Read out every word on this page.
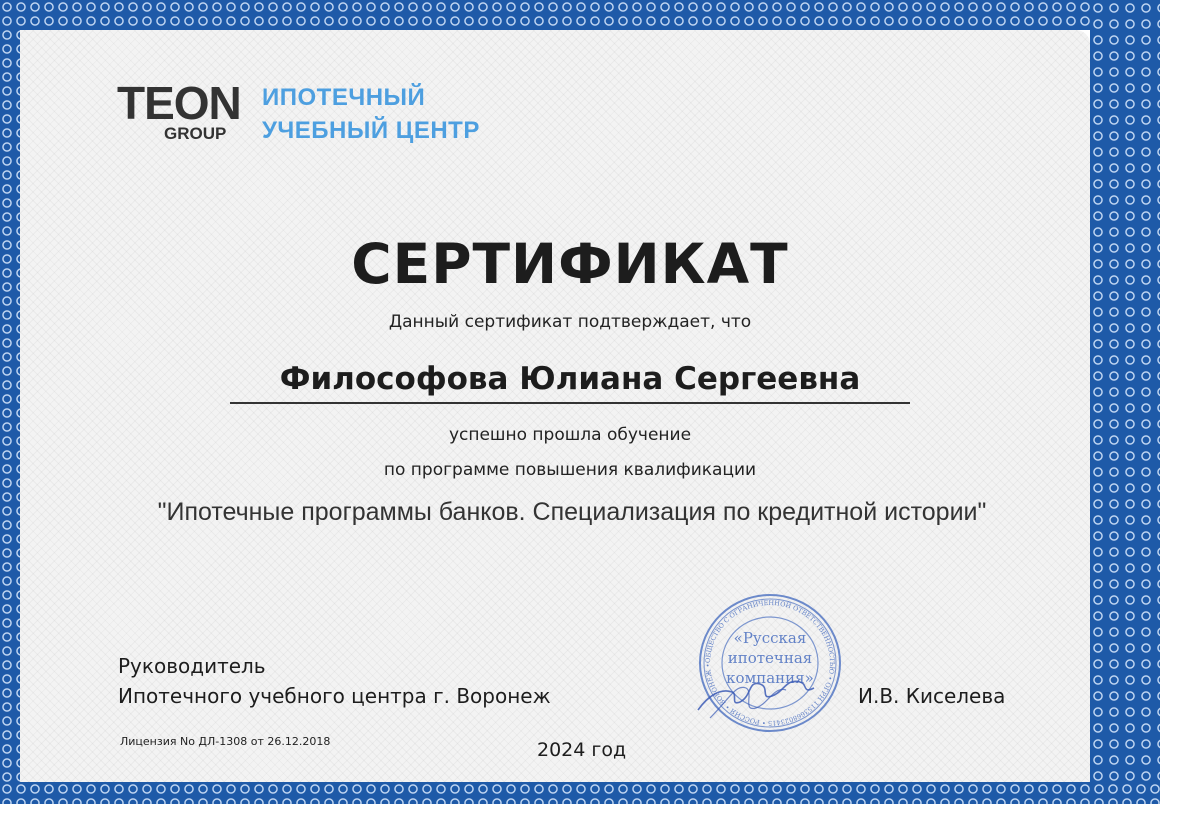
TEON
GROUP
ИПОТЕЧНЫЙ
УЧЕБНЫЙ ЦЕНТР
СЕРТИФИКАТ
Данный сертификат подтверждает, что
Философова Юлиана Сергеевна
успешно прошла обучение
по программе повышения квалификации
"Ипотечные программы банков. Специализация по кредитной истории"
Руководитель
Ипотечного учебного центра г. Воронеж
Лицензия No ДЛ-1308 от 26.12.2018	2024 год
И.В. Киселева
ОБЩЕСТВО С ОГРАНИЧЕННОЙ ОТВЕТСТВЕННОСТЬЮ • ОГРН 1153668023415 • РОССИЯ • ВОРОНЕЖ •
«Русская
ипотечная
компания»
